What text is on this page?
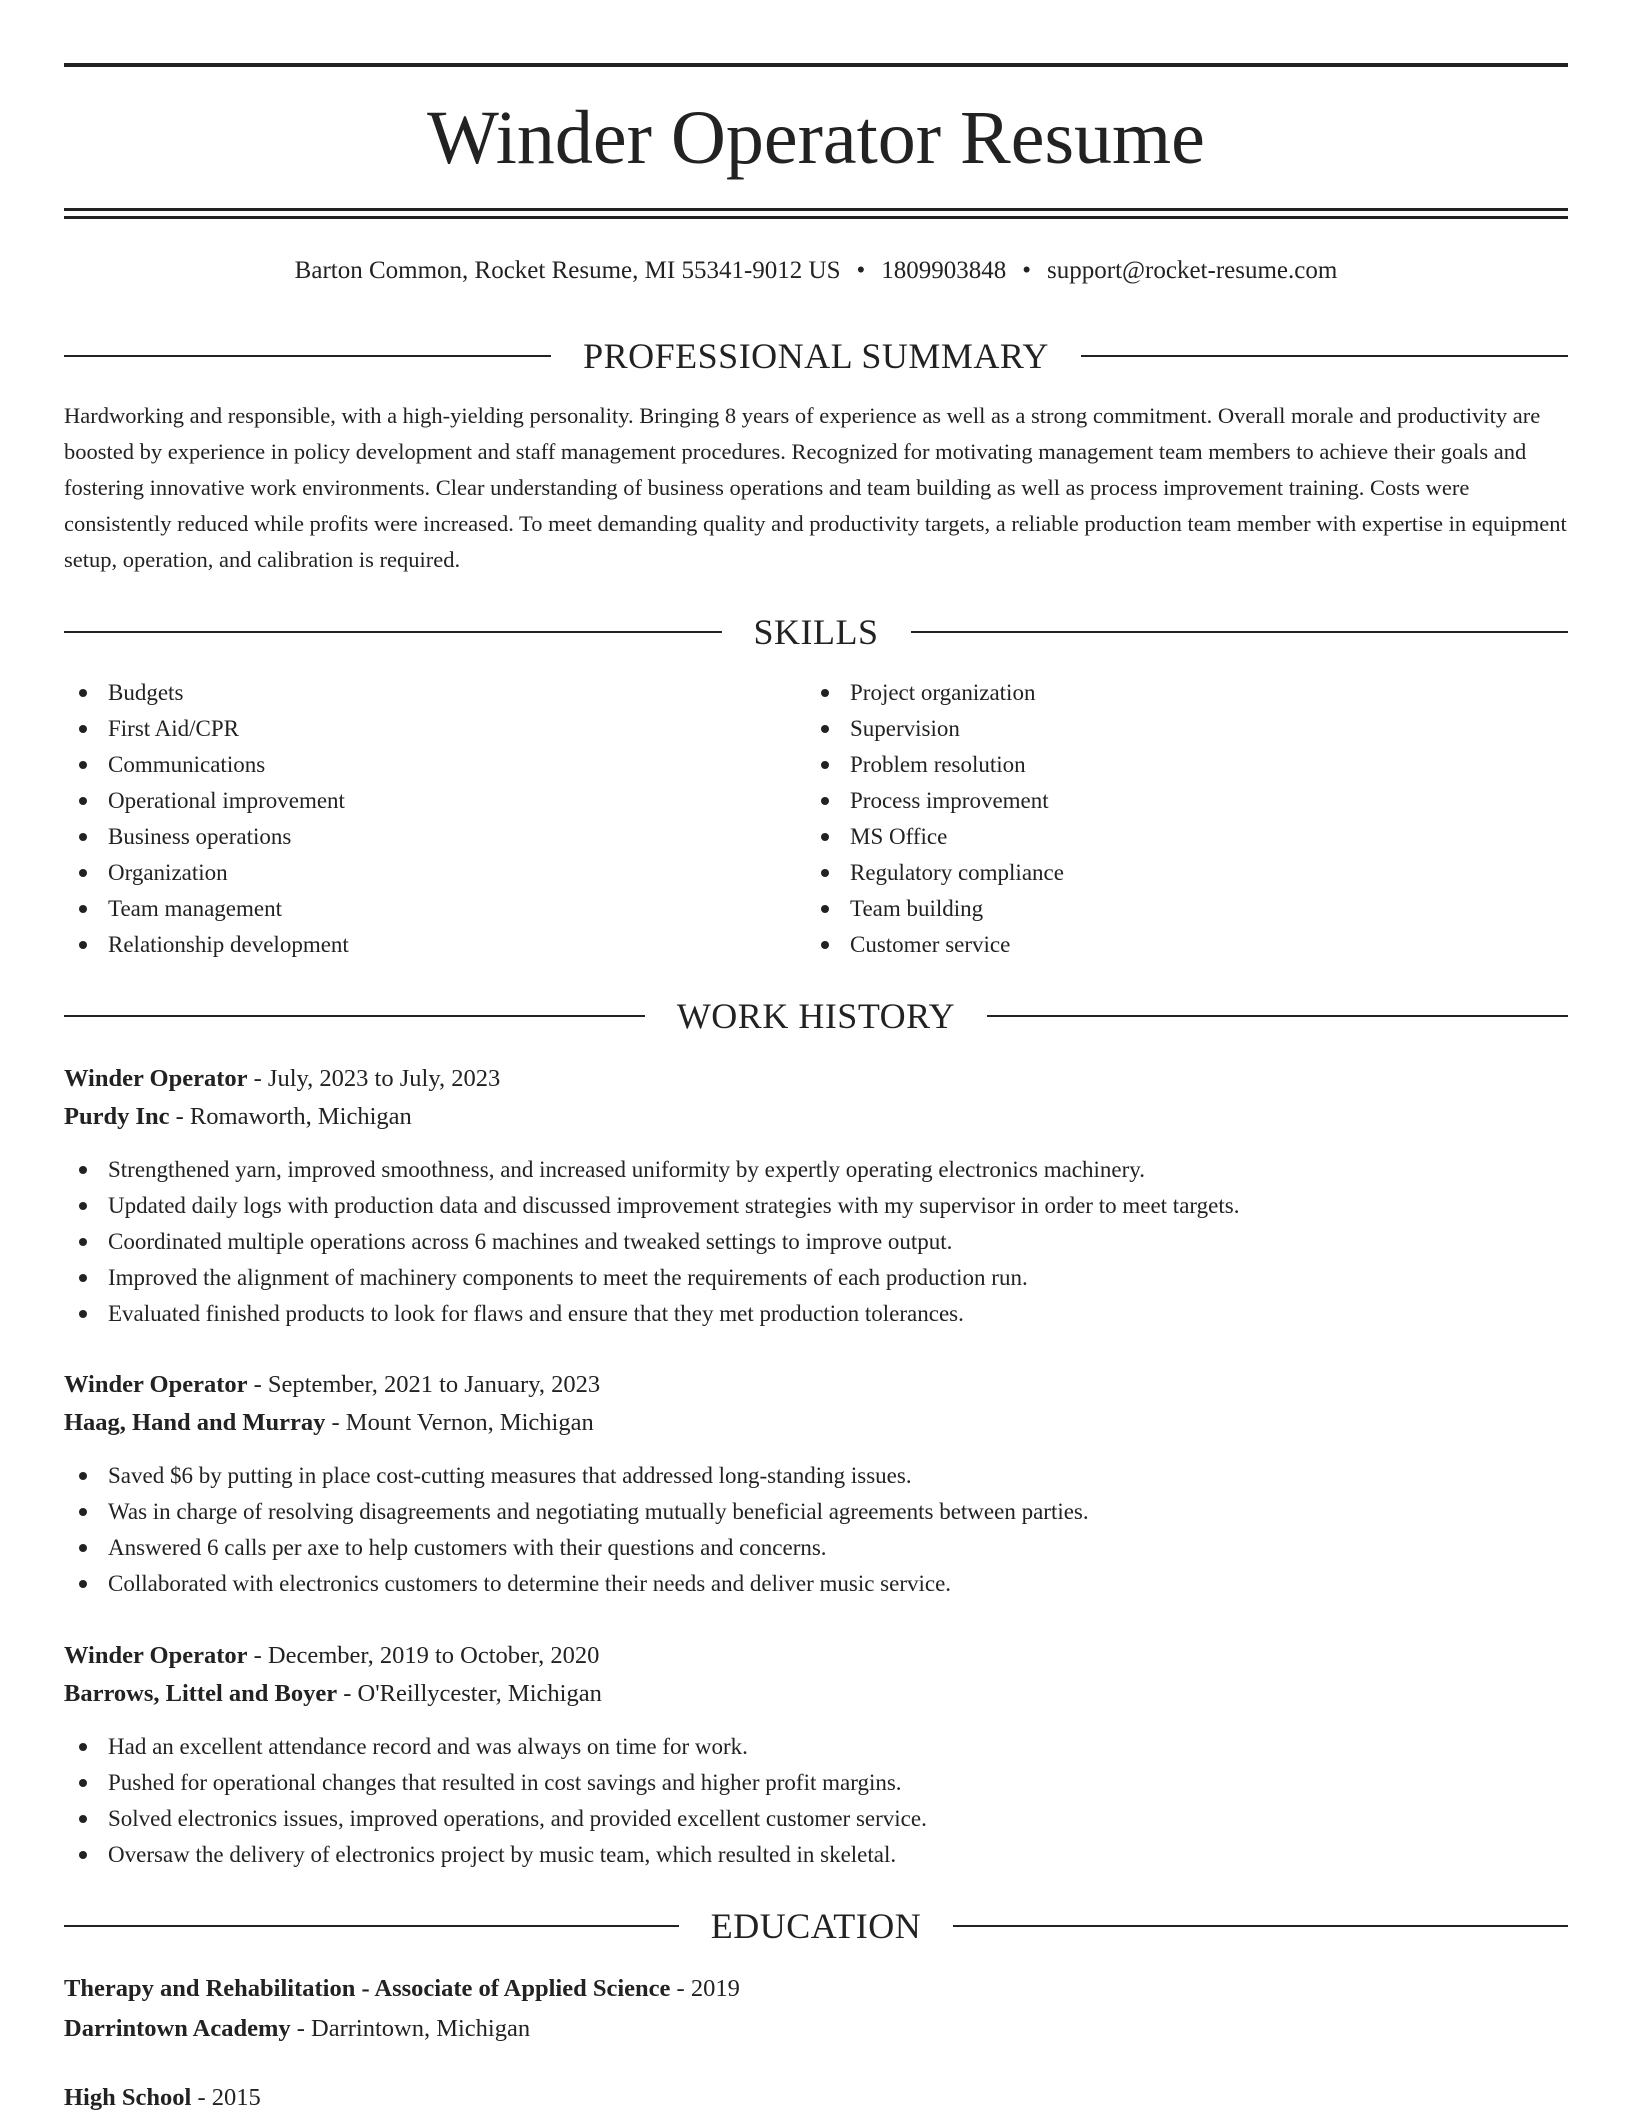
Winder Operator Resume
Barton Common, Rocket Resume, MI 55341-9012 US • 1809903848 • support@rocket-resume.com
PROFESSIONAL SUMMARY

Hardworking and responsible, with a high-yielding personality. Bringing 8 years of experience as well as a strong commitment. Overall morale and productivity are boosted by experience in policy development and staff management procedures. Recognized for motivating management team members to achieve their goals and fostering innovative work environments. Clear understanding of business operations and team building as well as process improvement training. Costs were consistently reduced while profits were increased. To meet demanding quality and productivity targets, a reliable production team member with expertise in equipment setup, operation, and calibration is required.

SKILLS
Budgets
First Aid/CPR
Communications
Operational improvement
Business operations
Organization
Team management
Relationship development
Project organization
Supervision
Problem resolution
Process improvement
MS Office
Regulatory compliance
Team building
Customer service
WORK HISTORY

Winder Operator - July, 2023 to July, 2023

Purdy Inc - Romaworth, Michigan

Strengthened yarn, improved smoothness, and increased uniformity by expertly operating electronics machinery.
Updated daily logs with production data and discussed improvement strategies with my supervisor in order to meet targets.
Coordinated multiple operations across 6 machines and tweaked settings to improve output.
Improved the alignment of machinery components to meet the requirements of each production run.
Evaluated finished products to look for flaws and ensure that they met production tolerances.

Winder Operator - September, 2021 to January, 2023

Haag, Hand and Murray - Mount Vernon, Michigan

Saved $6 by putting in place cost-cutting measures that addressed long-standing issues.
Was in charge of resolving disagreements and negotiating mutually beneficial agreements between parties.
Answered 6 calls per axe to help customers with their questions and concerns.
Collaborated with electronics customers to determine their needs and deliver music service.

Winder Operator - December, 2019 to October, 2020

Barrows, Littel and Boyer - O'Reillycester, Michigan

Had an excellent attendance record and was always on time for work.
Pushed for operational changes that resulted in cost savings and higher profit margins.
Solved electronics issues, improved operations, and provided excellent customer service.
Oversaw the delivery of electronics project by music team, which resulted in skeletal.
EDUCATION

Therapy and Rehabilitation - Associate of Applied Science - 2019

Darrintown Academy - Darrintown, Michigan

High School - 2015
